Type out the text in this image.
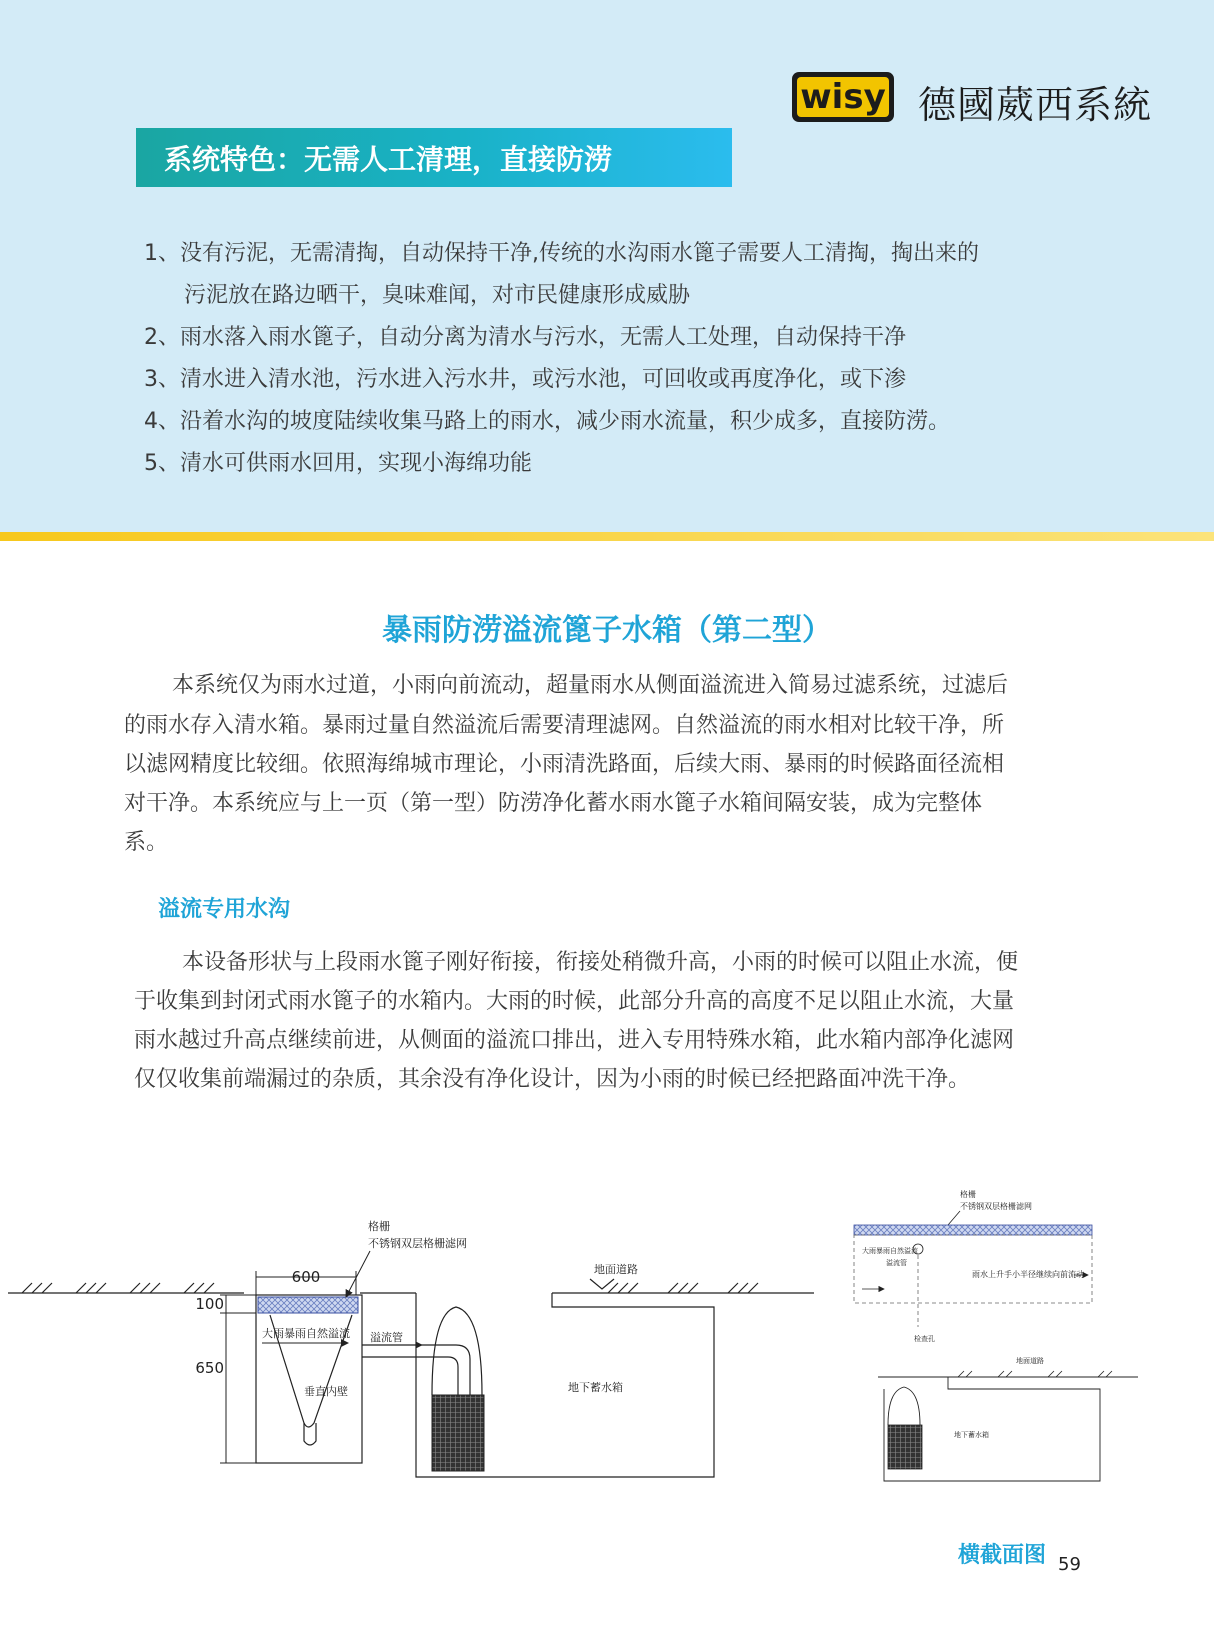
wisy 德國葳西系統
系统特色：无需人工清理，直接防涝
1、没有污泥，无需清掏，自动保持干净,传统的水沟雨水篦子需要人工清掏，掏出来的
污泥放在路边晒干，臭味难闻，对市民健康形成威胁
2、雨水落入雨水篦子，自动分离为清水与污水，无需人工处理，自动保持干净
3、清水进入清水池，污水进入污水井，或污水池，可回收或再度净化，或下渗
4、沿着水沟的坡度陆续收集马路上的雨水，减少雨水流量，积少成多，直接防涝。
5、清水可供雨水回用，实现小海绵功能
暴雨防涝溢流篦子水箱（第二型）
本系统仅为雨水过道，小雨向前流动，超量雨水从侧面溢流进入简易过滤系统，过滤后
的雨水存入清水箱。暴雨过量自然溢流后需要清理滤网。自然溢流的雨水相对比较干净，所
以滤网精度比较细。依照海绵城市理论，小雨清洗路面，后续大雨、暴雨的时候路面径流相
对干净。本系统应与上一页（第一型）防涝净化蓄水雨水篦子水箱间隔安装，成为完整体
系。
溢流专用水沟
本设备形状与上段雨水篦子刚好衔接，衔接处稍微升高，小雨的时候可以阻止水流，便
于收集到封闭式雨水篦子的水箱内。大雨的时候，此部分升高的高度不足以阻止水流，大量
雨水越过升高点继续前进，从侧面的溢流口排出，进入专用特殊水箱，此水箱内部净化滤网
仅仅收集前端漏过的杂质，其余没有净化设计，因为小雨的时候已经把路面冲洗干净。
600
100
650
格栅
不锈钢双层格栅滤网
大雨暴雨自然溢流
垂直内壁
溢流管
地下蓄水箱
地面道路
格栅
不锈钢双层格栅滤网
大雨暴雨自然溢流
溢流管
雨水上升手小半径继续向前流动
检查孔
地面道路
地下蓄水箱
横截面图 59
